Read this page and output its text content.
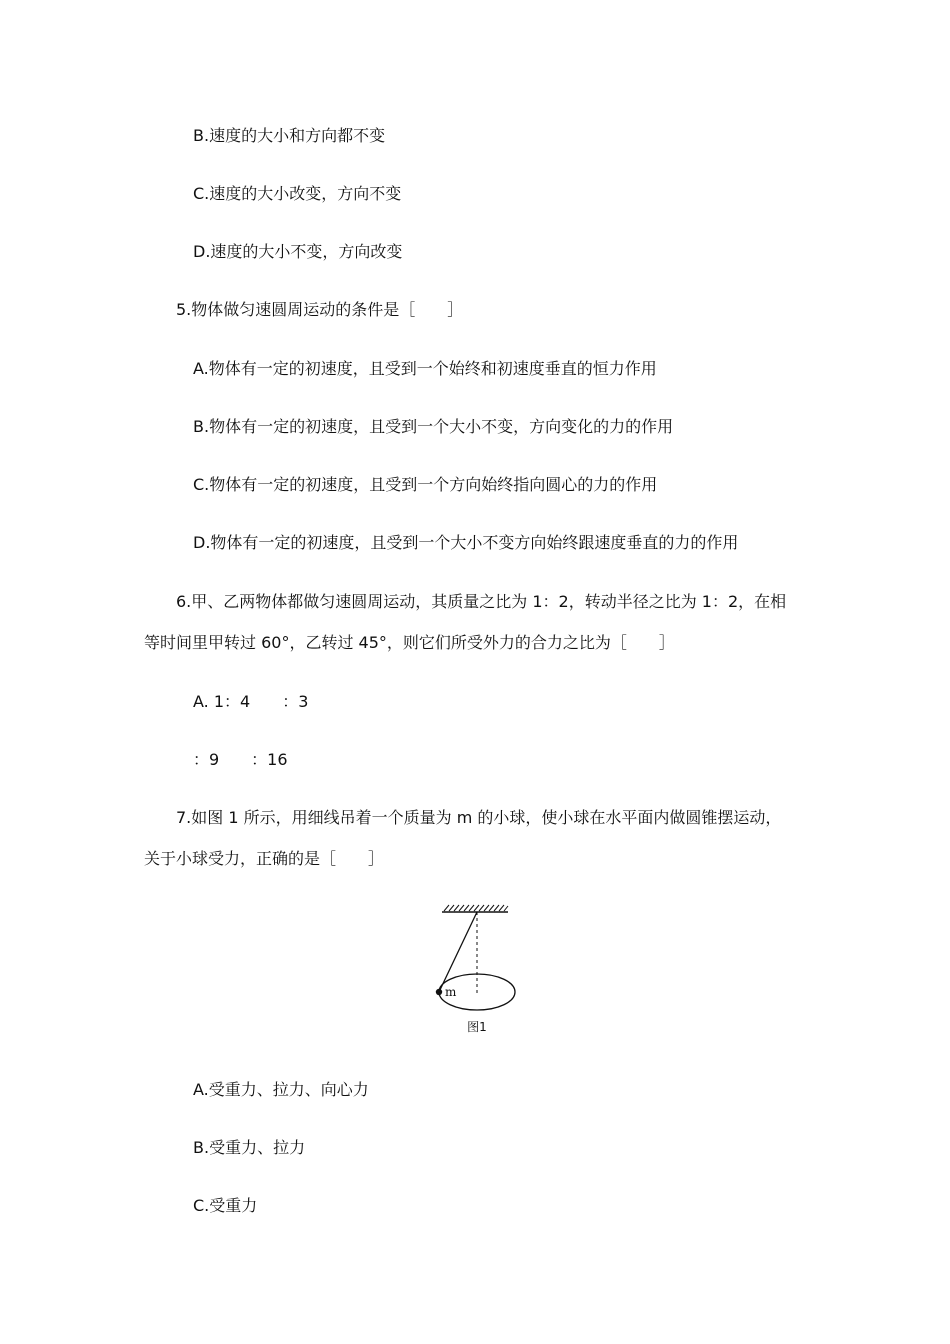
B.速度的大小和方向都不变
C.速度的大小改变，方向不变
D.速度的大小不变，方向改变
5.物体做匀速圆周运动的条件是［　　］
A.物体有一定的初速度，且受到一个始终和初速度垂直的恒力作用
B.物体有一定的初速度，且受到一个大小不变，方向变化的力的作用
C.物体有一定的初速度，且受到一个方向始终指向圆心的力的作用
D.物体有一定的初速度，且受到一个大小不变方向始终跟速度垂直的力的作用
6.甲、乙两物体都做匀速圆周运动，其质量之比为 1：2，转动半径之比为 1：2，在相
等时间里甲转过 60°，乙转过 45°，则它们所受外力的合力之比为［　　］
A. 1：4　　：3
：9　　：16
7.如图 1 所示，用细线吊着一个质量为 m 的小球，使小球在水平面内做圆锥摆运动，
关于小球受力，正确的是［　　］
m
图1
A.受重力、拉力、向心力
B.受重力、拉力
C.受重力
